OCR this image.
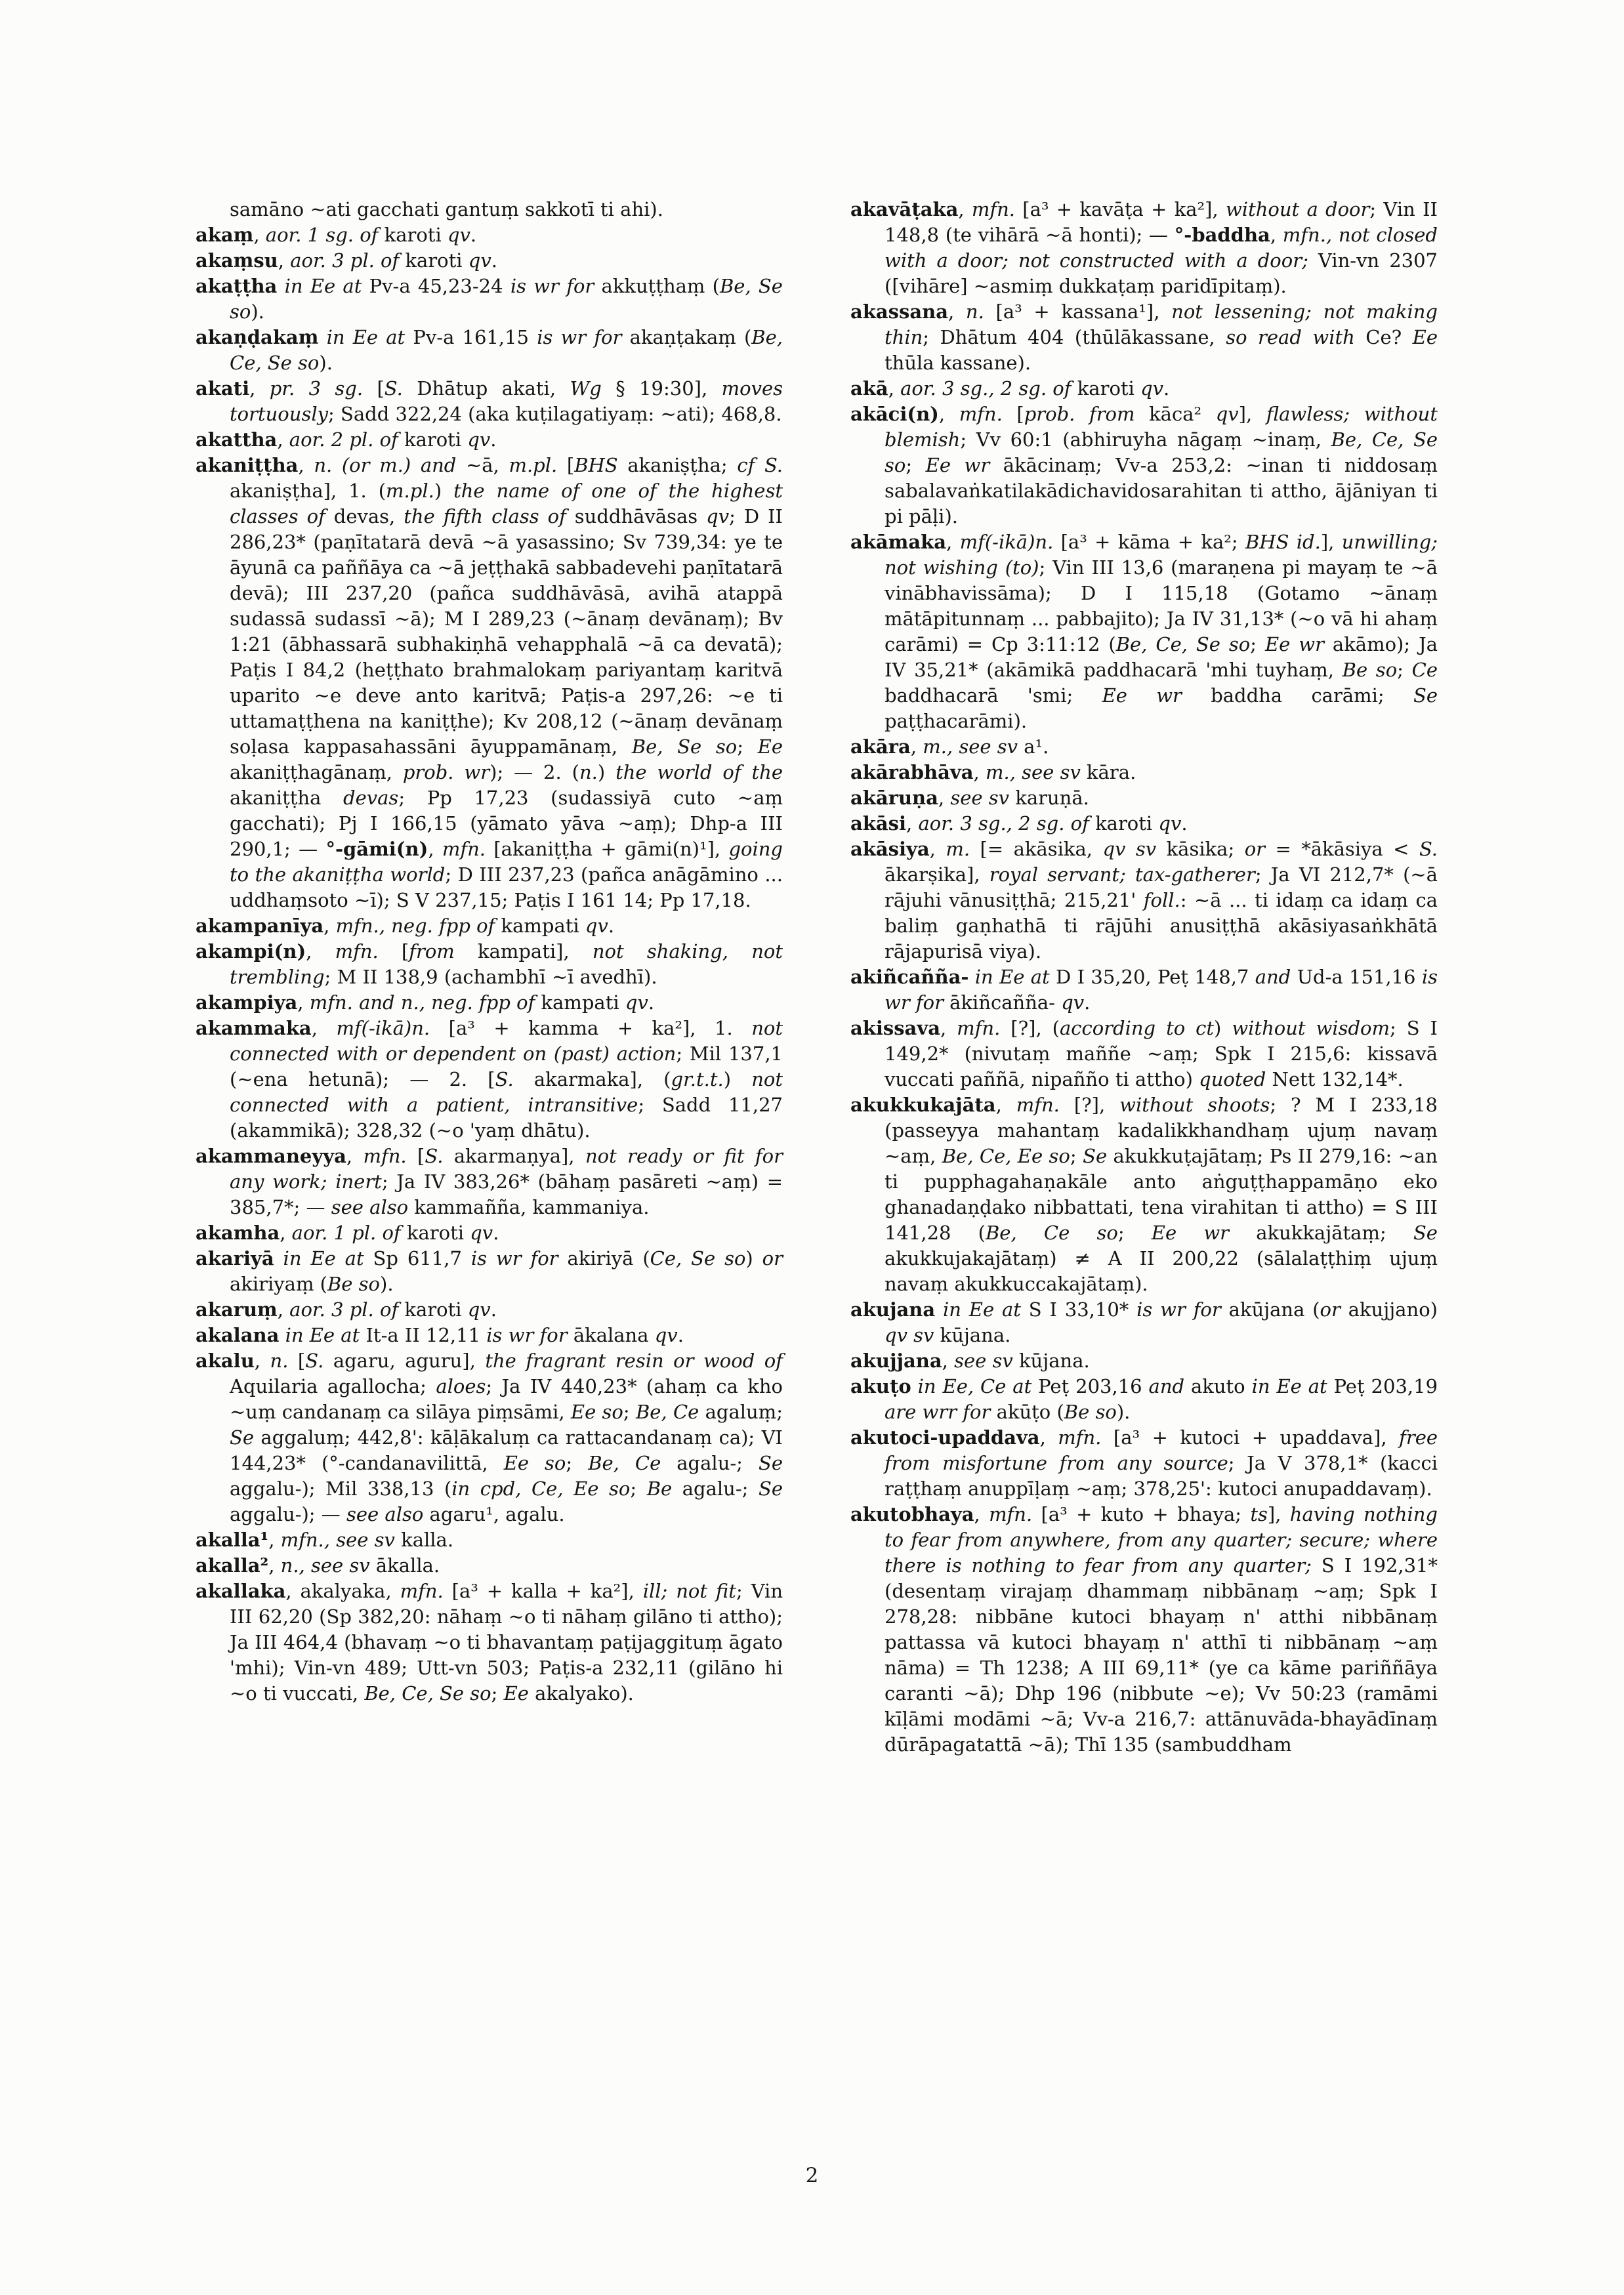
samāno ~ati gacchati gantuṃ sakkotī ti ahi).

akaṃ, aor. 1 sg. of karoti qv.

akaṃsu, aor. 3 pl. of karoti qv.

akaṭṭha in Ee at Pv-a 45,23-24 is wr for akkuṭṭhaṃ (Be, Se so).

akaṇḍakaṃ in Ee at Pv-a 161,15 is wr for akaṇṭakaṃ (Be, Ce, Se so).

akati, pr. 3 sg. [S. Dhātup akati, Wg § 19:30], moves tortuously; Sadd 322,24 (aka kuṭilagatiyaṃ: ~ati); 468,8.

akattha, aor. 2 pl. of karoti qv.

akaniṭṭha, n. (or m.) and ~ā, m.pl. [BHS akaniṣṭha; cf S. akaniṣṭha], 1. (m.pl.) the name of one of the highest classes of devas, the fifth class of suddhāvāsas qv; D II 286,23* (paṇītatarā devā ~ā yasassino; Sv 739,34: ye te āyunā ca paññāya ca ~ā jeṭṭhakā sabbadevehi paṇītatarā devā); III 237,20 (pañca suddhāvāsā, avihā atappā sudassā sudassī ~ā); M I 289,23 (~ānaṃ devānaṃ); Bv 1:21 (ābhassarā subhakiṇhā vehapphalā ~ā ca devatā); Paṭis I 84,2 (heṭṭhato brahmalokaṃ pariyantaṃ karitvā uparito ~e deve anto karitvā; Paṭis-a 297,26: ~e ti uttamaṭṭhena na kaniṭṭhe); Kv 208,12 (~ānaṃ devānaṃ soḷasa kappasahassāni āyuppamānaṃ, Be, Se so; Ee akaniṭṭhagānaṃ, prob. wr); — 2. (n.) the world of the akaniṭṭha devas; Pp 17,23 (sudassiyā cuto ~aṃ gacchati); Pj I 166,15 (yāmato yāva ~aṃ); Dhp-a III 290,1; — °-gāmi(n), mfn. [akaniṭṭha + gāmi(n)¹], going to the akaniṭṭha world; D III 237,23 (pañca anāgāmino ... uddhaṃsoto ~ī); S V 237,15; Paṭis I 161 14; Pp 17,18.

akampanīya, mfn., neg. fpp of kampati qv.

akampi(n), mfn. [from kampati], not shaking, not trembling; M II 138,9 (achambhī ~ī avedhī).

akampiya, mfn. and n., neg. fpp of kampati qv.

akammaka, mf(-ikā)n. [a³ + kamma + ka²], 1. not connected with or dependent on (past) action; Mil 137,1 (~ena hetunā); — 2. [S. akarmaka], (gr.t.t.) not connected with a patient, intransitive; Sadd 11,27 (akammikā); 328,32 (~o 'yaṃ dhātu).

akammaneyya, mfn. [S. akarmaṇya], not ready or fit for any work; inert; Ja IV 383,26* (bāhaṃ pasāreti ~aṃ) = 385,7*; — see also kammañña, kammaniya.

akamha, aor. 1 pl. of karoti qv.

akariyā in Ee at Sp 611,7 is wr for akiriyā (Ce, Se so) or akiriyaṃ (Be so).

akaruṃ, aor. 3 pl. of karoti qv.

akalana in Ee at It-a II 12,11 is wr for ākalana qv.

akalu, n. [S. agaru, aguru], the fragrant resin or wood of Aquilaria agallocha; aloes; Ja IV 440,23* (ahaṃ ca kho ~uṃ candanaṃ ca silāya piṃsāmi, Ee so; Be, Ce agaluṃ; Se aggaluṃ; 442,8': kāḷākaluṃ ca rattacandanaṃ ca); VI 144,23* (°-candanavilittā, Ee so; Be, Ce agalu-; Se aggalu-); Mil 338,13 (in cpd, Ce, Ee so; Be agalu-; Se aggalu-); — see also agaru¹, agalu.

akalla¹, mfn., see sv kalla.

akalla², n., see sv ākalla.

akallaka, akalyaka, mfn. [a³ + kalla + ka²], ill; not fit; Vin III 62,20 (Sp 382,20: nāhaṃ ~o ti nāhaṃ gilāno ti attho); Ja III 464,4 (bhavaṃ ~o ti bhavantaṃ paṭijaggituṃ āgato 'mhi); Vin-vn 489; Utt-vn 503; Paṭis-a 232,11 (gilāno hi ~o ti vuccati, Be, Ce, Se so; Ee akalyako).

akavāṭaka, mfn. [a³ + kavāṭa + ka²], without a door; Vin II 148,8 (te vihārā ~ā honti); — °-baddha, mfn., not closed with a door; not constructed with a door; Vin-vn 2307 ([vihāre] ~asmiṃ dukkaṭaṃ paridīpitaṃ).

akassana, n. [a³ + kassana¹], not lessening; not making thin; Dhātum 404 (thūlākassane, so read with Ce? Ee thūla kassane).

akā, aor. 3 sg., 2 sg. of karoti qv.

akāci(n), mfn. [prob. from kāca² qv], flawless; without blemish; Vv 60:1 (abhiruyha nāgaṃ ~inaṃ, Be, Ce, Se so; Ee wr ākācinaṃ; Vv-a 253,2: ~inan ti niddosaṃ sabalavaṅkatilakādichavidosarahitan ti attho, ājāniyan ti pi pāḷi).

akāmaka, mf(-ikā)n. [a³ + kāma + ka²; BHS id.], unwilling; not wishing (to); Vin III 13,6 (maraṇena pi mayaṃ te ~ā vinābhavissāma); D I 115,18 (Gotamo ~ānaṃ mātāpitunnaṃ ... pabbajito); Ja IV 31,13* (~o vā hi ahaṃ carāmi) = Cp 3:11:12 (Be, Ce, Se so; Ee wr akāmo); Ja IV 35,21* (akāmikā paddhacarā 'mhi tuyhaṃ, Be so; Ce baddhacarā 'smi; Ee wr baddha carāmi; Se paṭṭhacarāmi).

akāra, m., see sv a¹.

akārabhāva, m., see sv kāra.

akāruṇa, see sv karuṇā.

akāsi, aor. 3 sg., 2 sg. of karoti qv.

akāsiya, m. [= akāsika, qv sv kāsika; or = *ākāsiya < S. ākarṣika], royal servant; tax-gatherer; Ja VI 212,7* (~ā rājuhi vānusiṭṭhā; 215,21' foll.: ~ā ... ti idaṃ ca idaṃ ca baliṃ gaṇhathā ti rājūhi anusiṭṭhā akāsiyasaṅkhātā rājapurisā viya).

akiñcañña- in Ee at D I 35,20, Peṭ 148,7 and Ud-a 151,16 is wr for ākiñcañña- qv.

akissava, mfn. [?], (according to ct) without wisdom; S I 149,2* (nivutaṃ maññe ~aṃ; Spk I 215,6: kissavā vuccati paññā, nipañño ti attho) quoted Nett 132,14*.

akukkukajāta, mfn. [?], without shoots; ? M I 233,18 (passeyya mahantaṃ kadalikkhandhaṃ ujuṃ navaṃ ~aṃ, Be, Ce, Ee so; Se akukkuṭajātaṃ; Ps II 279,16: ~an ti pupphagahaṇakāle anto aṅguṭṭhappamāṇo eko ghanadaṇḍako nibbattati, tena virahitan ti attho) = S III 141,28 (Be, Ce so; Ee wr akukkajātaṃ; Se akukkujakajātaṃ) ≠ A II 200,22 (sālalaṭṭhiṃ ujuṃ navaṃ akukkuccakajātaṃ).

akujana in Ee at S I 33,10* is wr for akūjana (or akujjano) qv sv kūjana.

akujjana, see sv kūjana.

akuṭo in Ee, Ce at Peṭ 203,16 and akuto in Ee at Peṭ 203,19 are wrr for akūṭo (Be so).

akutoci-upaddava, mfn. [a³ + kutoci + upaddava], free from misfortune from any source; Ja V 378,1* (kacci raṭṭhaṃ anuppīḷaṃ ~aṃ; 378,25': kutoci anupaddavaṃ).

akutobhaya, mfn. [a³ + kuto + bhaya; ts], having nothing to fear from anywhere, from any quarter; secure; where there is nothing to fear from any quarter; S I 192,31* (desentaṃ virajaṃ dhammaṃ nibbānaṃ ~aṃ; Spk I 278,28: nibbāne kutoci bhayaṃ n' atthi nibbānaṃ pattassa vā kutoci bhayaṃ n' atthī ti nibbānaṃ ~aṃ nāma) = Th 1238; A III 69,11* (ye ca kāme pariññāya caranti ~ā); Dhp 196 (nibbute ~e); Vv 50:23 (ramāmi kīḷāmi modāmi ~ā; Vv-a 216,7: attānuvāda-bhayādīnaṃ dūrāpagatattā ~ā); Thī 135 (sambuddham

2
